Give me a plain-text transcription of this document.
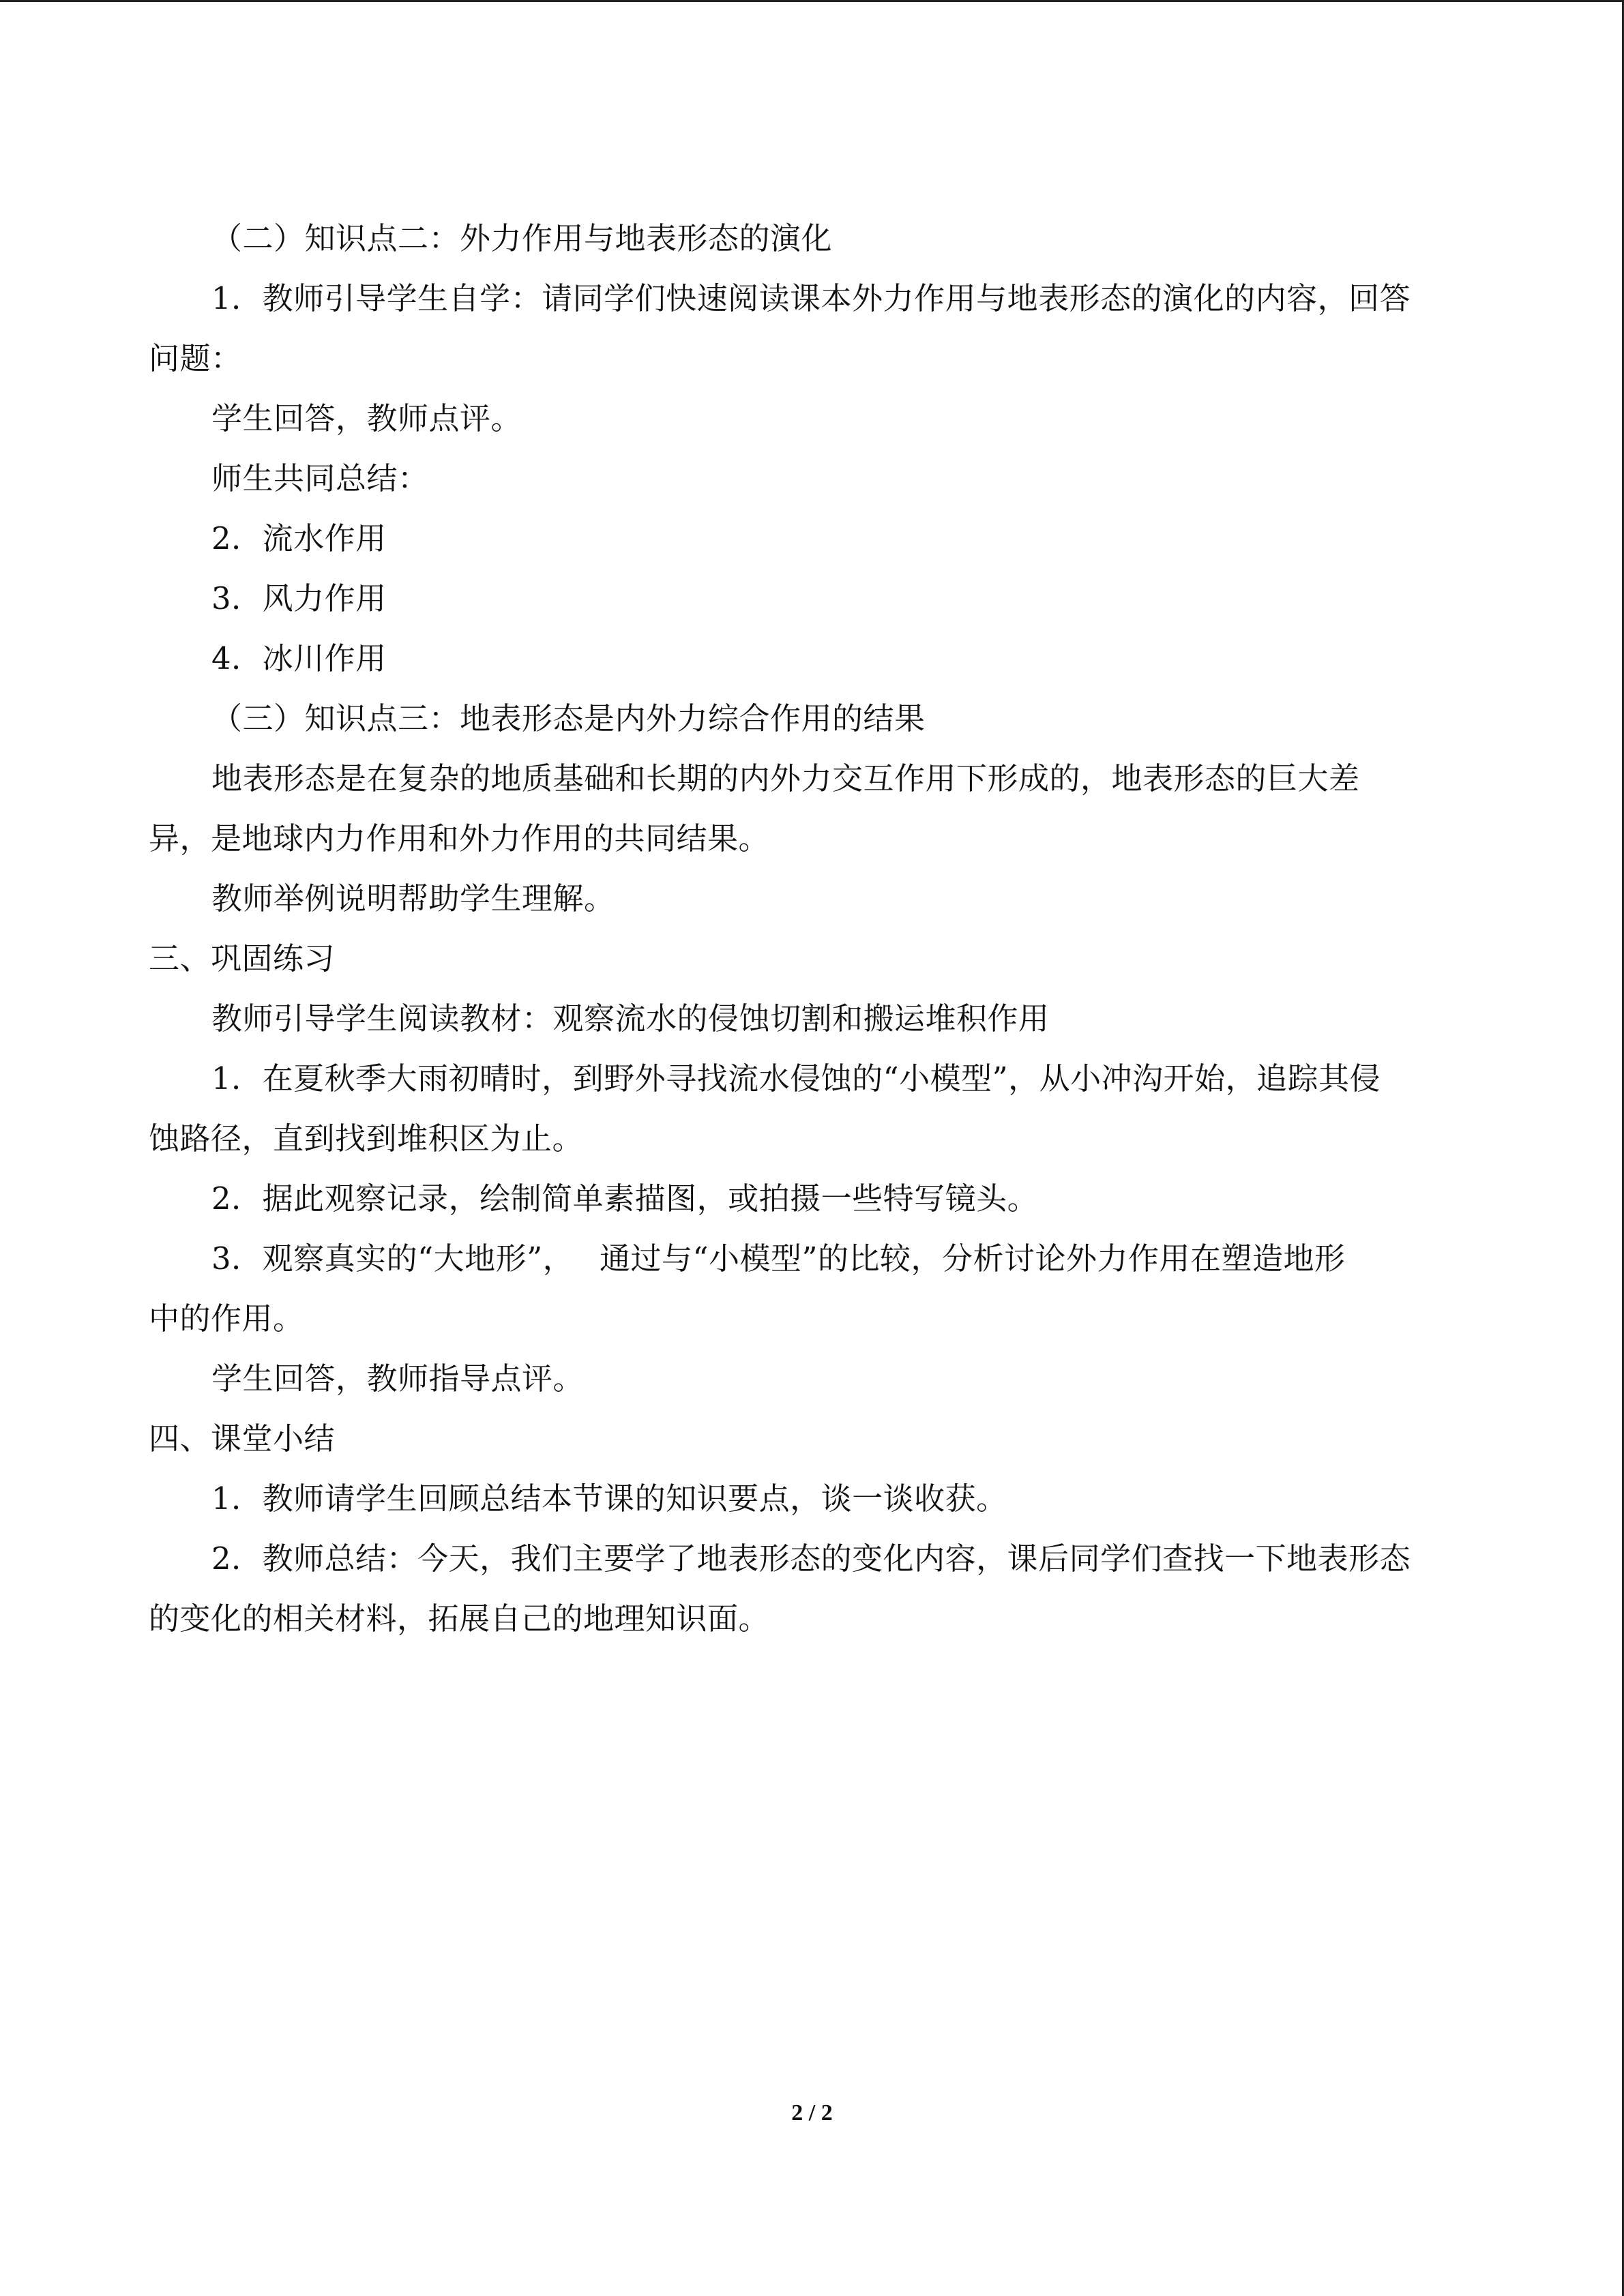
（二）知识点二：外力作用与地表形态的演化
1．教师引导学生自学：请同学们快速阅读课本外力作用与地表形态的演化的内容，回答
问题：
学生回答，教师点评。
师生共同总结：
2．流水作用
3．风力作用
4．冰川作用
（三）知识点三：地表形态是内外力综合作用的结果
地表形态是在复杂的地质基础和长期的内外力交互作用下形成的，地表形态的巨大差
异，是地球内力作用和外力作用的共同结果。
教师举例说明帮助学生理解。
三、巩固练习
教师引导学生阅读教材：观察流水的侵蚀切割和搬运堆积作用
1．在夏秋季大雨初晴时，到野外寻找流水侵蚀的“小模型”，从小冲沟开始，追踪其侵
蚀路径，直到找到堆积区为止。
2．据此观察记录，绘制简单素描图，或拍摄一些特写镜头。
3．观察真实的“大地形”，　 通过与“小模型”的比较，分析讨论外力作用在塑造地形
中的作用。
学生回答，教师指导点评。
四、课堂小结
1．教师请学生回顾总结本节课的知识要点，谈一谈收获。
2．教师总结：今天，我们主要学了地表形态的变化内容，课后同学们查找一下地表形态
的变化的相关材料，拓展自己的地理知识面。
2 / 2
